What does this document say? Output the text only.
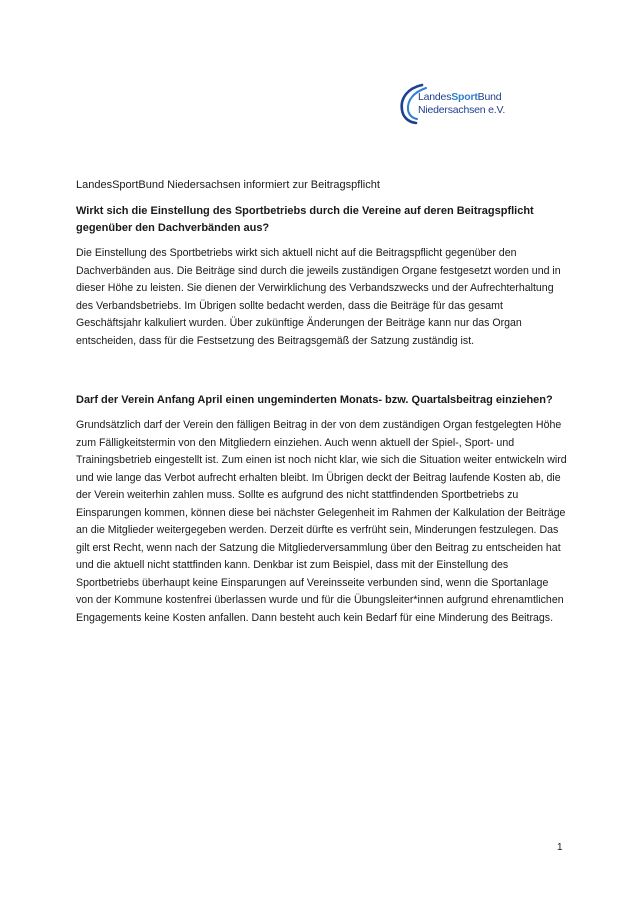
LandesSportBund
Niedersachsen e.V.

LandesSportBund Niedersachsen informiert zur Beitragspflicht

Wirkt sich die Einstellung des Sportbetriebs durch die Vereine auf deren Beitragspflicht gegenüber den Dachverbänden aus?

Die Einstellung des Sportbetriebs wirkt sich aktuell nicht auf die Beitragspflicht gegenüber den Dachverbänden aus. Die Beiträge sind durch die jeweils zuständigen Organe festgesetzt worden und in dieser Höhe zu leisten. Sie dienen der Verwirklichung des Verbandszwecks und der Aufrechterhaltung des Verbandsbetriebs. Im Übrigen sollte bedacht werden, dass die Beiträge für das gesamt Geschäftsjahr kalkuliert wurden. Über zukünftige Änderungen der Beiträge kann nur das Organ entscheiden, dass für die Festsetzung des Beitragsgemäß der Satzung zuständig ist.

Darf der Verein Anfang April einen ungeminderten Monats- bzw. Quartalsbeitrag einziehen?

Grundsätzlich darf der Verein den fälligen Beitrag in der von dem zuständigen Organ festgelegten Höhe zum Fälligkeitstermin von den Mitgliedern einziehen. Auch wenn aktuell der Spiel-, Sport- und Trainingsbetrieb eingestellt ist. Zum einen ist noch nicht klar, wie sich die Situation weiter entwickeln wird und wie lange das Verbot aufrecht erhalten bleibt. Im Übrigen deckt der Beitrag laufende Kosten ab, die der Verein weiterhin zahlen muss. Sollte es aufgrund des nicht stattfindenden Sportbetriebs zu Einsparungen kommen, können diese bei nächster Gelegenheit im Rahmen der Kalkulation der Beiträge an die Mitglieder weitergegeben werden. Derzeit dürfte es verfrüht sein, Minderungen festzulegen. Das gilt erst Recht, wenn nach der Satzung die Mitgliederversammlung über den Beitrag zu entscheiden hat und die aktuell nicht stattfinden kann. Denkbar ist zum Beispiel, dass mit der Einstellung des Sportbetriebs überhaupt keine Einsparungen auf Vereinsseite verbunden sind, wenn die Sportanlage von der Kommune kostenfrei überlassen wurde und für die Übungsleiter*innen aufgrund ehrenamtlichen Engagements keine Kosten anfallen. Dann besteht auch kein Bedarf für eine Minderung des Beitrags.

1
